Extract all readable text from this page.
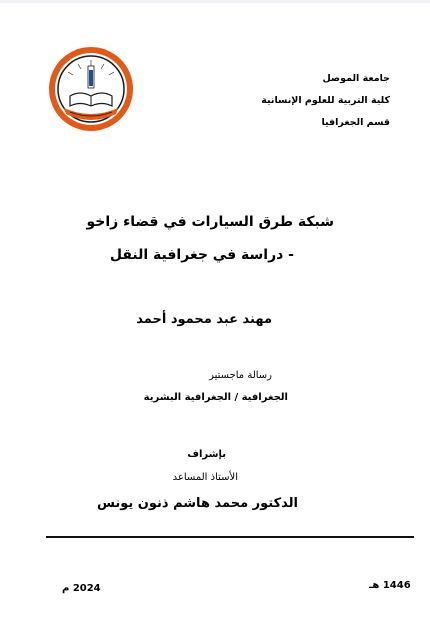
جامعة الموصل
كلية التربية للعلوم الإنسانية
قسم الجغرافيا
شبكة طرق السيارات في قضاء زاخو
- دراسة في جغرافية النقل
مهند عبد محمود أحمد
رسالة ماجستير
الجغرافية / الجغرافية البشرية
بإشراف
الأستاذ المساعد
الدكتور محمد هاشم ذنون يونس
1446 هـ
2024 م
